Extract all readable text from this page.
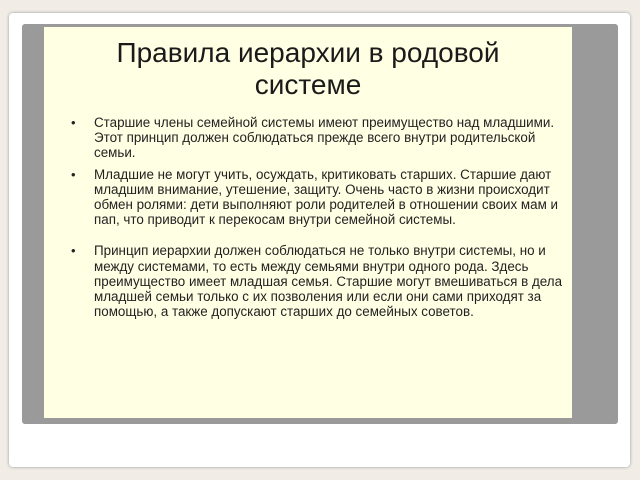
Правила иерархии в родовой
системе
• Старшие члены семейной системы имеют преимущество над младшими. Этот принцип должен соблюдаться прежде всего внутри родительской семьи.
• Младшие не могут учить, осуждать, критиковать старших. Старшие дают младшим внимание, утешение, защиту. Очень часто в жизни происходит обмен ролями: дети выполняют роли родителей в отношении своих мам и пап, что приводит к перекосам внутри семейной системы.
• Принцип иерархии должен соблюдаться не только внутри системы, но и между системами, то есть между семьями внутри одного рода. Здесь преимущество имеет младшая семья. Старшие могут вмешиваться в дела младшей семьи только с их позволения или если они сами приходят за помощью, а также допускают старших до семейных советов.
